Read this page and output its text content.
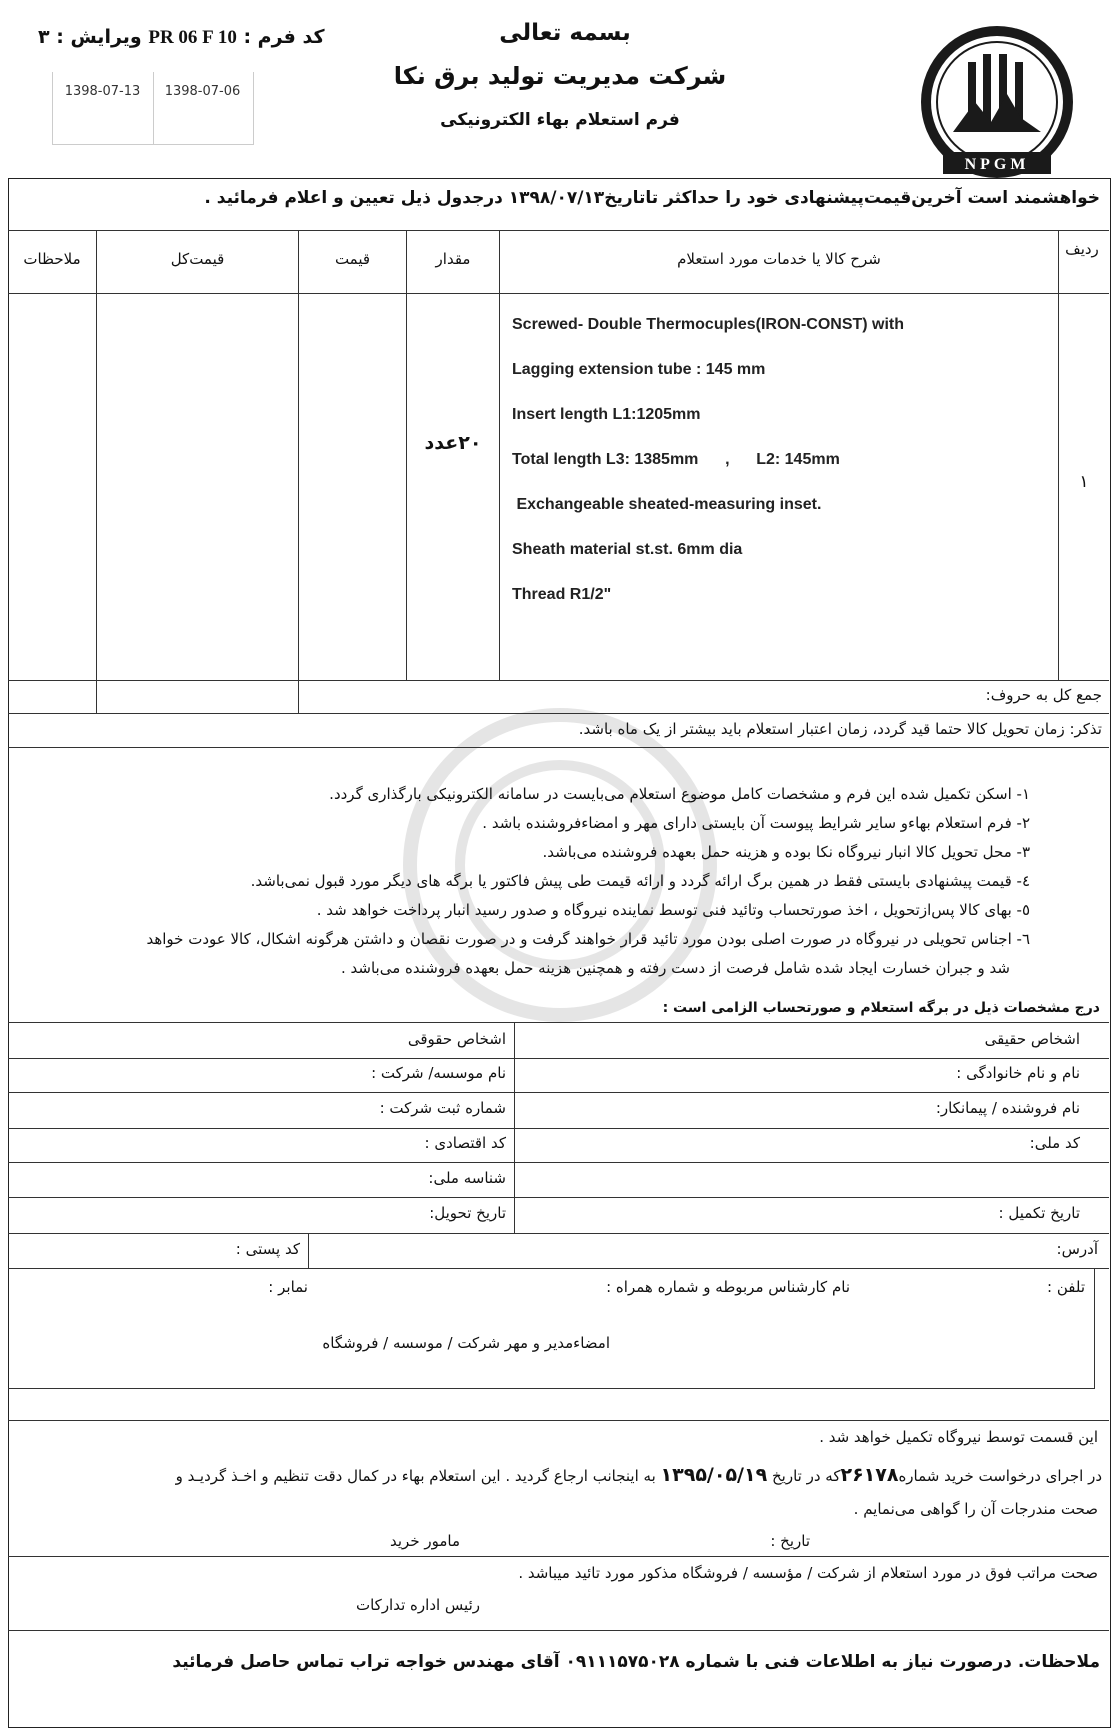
بسمه تعالی
شرکت مدیریت تولید برق نکا
فرم استعلام بهاء الکترونیکی
کد فرم : PR 06 F 10 ویرایش : ۳
1398-07-13	1398-07-06
NPGM
خواهشمند است آخرین‌قیمت‌پیشنهادی خود را حداکثر تاتاریخ۱۳۹۸/۰۷/۱۳ درجدول ذیل تعیین و اعلام فرمائید .
ردیف
شرح کالا یا خدمات مورد استعلام
مقدار
قیمت
قیمت‌کل
ملاحظات
۱
۲۰عدد
Screwed- Double Thermocuples(IRON-CONST) with
Lagging extension tube : 145 mm
Insert length L1:1205mm
Total length L3: 1385mm      ,      L2: 145mm
Exchangeable sheated-measuring inset.
Sheath material st.st. 6mm dia
Thread R1/2"
جمع کل به حروف:
تذکر: زمان تحویل کالا حتما قید گردد، زمان اعتبار استعلام باید بیشتر از یک ماه باشد.
۱- اسکن تکمیل شده این فرم و مشخصات کامل موضوع استعلام می‌بایست در سامانه الکترونیکی بارگذاری گردد.
۲- فرم استعلام بهاءو سایر شرایط پیوست آن بایستی دارای مهر و امضاءفروشنده باشد .
۳- محل تحویل کالا انبار نیروگاه نکا بوده و هزینه حمل بعهده فروشنده می‌باشد.
٤- قیمت پیشنهادی بایستی فقط در همین برگ ارائه گردد و ارائه قیمت طی پیش فاکتور یا برگه های دیگر مورد قبول نمی‌باشد.
٥- بهای کالا پس‌ازتحویل ، اخذ صورتحساب وتائید فنی توسط نماینده نیروگاه و صدور رسید انبار پرداخت خواهد شد .
٦- اجناس تحویلی در نیروگاه در صورت اصلی بودن مورد تائید قرار خواهند گرفت و در صورت نقصان و داشتن هرگونه اشکال، کالا عودت خواهد
شد و جبران خسارت ایجاد شده شامل فرصت از دست رفته و همچنین هزینه حمل بعهده فروشنده می‌باشد .
درج مشخصات ذیل در برگه استعلام و صورتحساب الزامی است :
اشخاص حقیقی
نام و نام خانوادگی :
نام فروشنده / پیمانکار:
کد ملی:
تاریخ تکمیل :
اشخاص حقوقی
نام موسسه/ شرکت :
شماره ثبت شرکت :
کد اقتصادی :
شناسه ملی:
تاریخ تحویل:
آدرس:
کد پستی :
تلفن :
نام کارشناس مربوطه و شماره همراه :
نمابر :
امضاءمدیر و مهر شرکت / موسسه / فروشگاه
این قسمت توسط نیروگاه تکمیل خواهد شد .
در اجرای درخواست خرید شماره۲۶۱۷۸که در تاریخ ۱۳۹۵/۰۵/۱۹ به اینجانب ارجاع گردید . این استعلام بهاء در کمال دقت تنظیم و اخـذ گردیـد و
صحت مندرجات آن را گواهی می‌نمایم .
تاریخ :
مامور خرید
صحت مراتب فوق در مورد استعلام از شرکت / مؤسسه / فروشگاه مذکور مورد تائید میباشد .
رئیس اداره تدارکات
ملاحظات. درصورت نیاز به اطلاعات فنی با شماره ۰۹۱۱۱۵۷۵۰۲۸ آقای مهندس خواجه تراب تماس حاصل فرمائید
